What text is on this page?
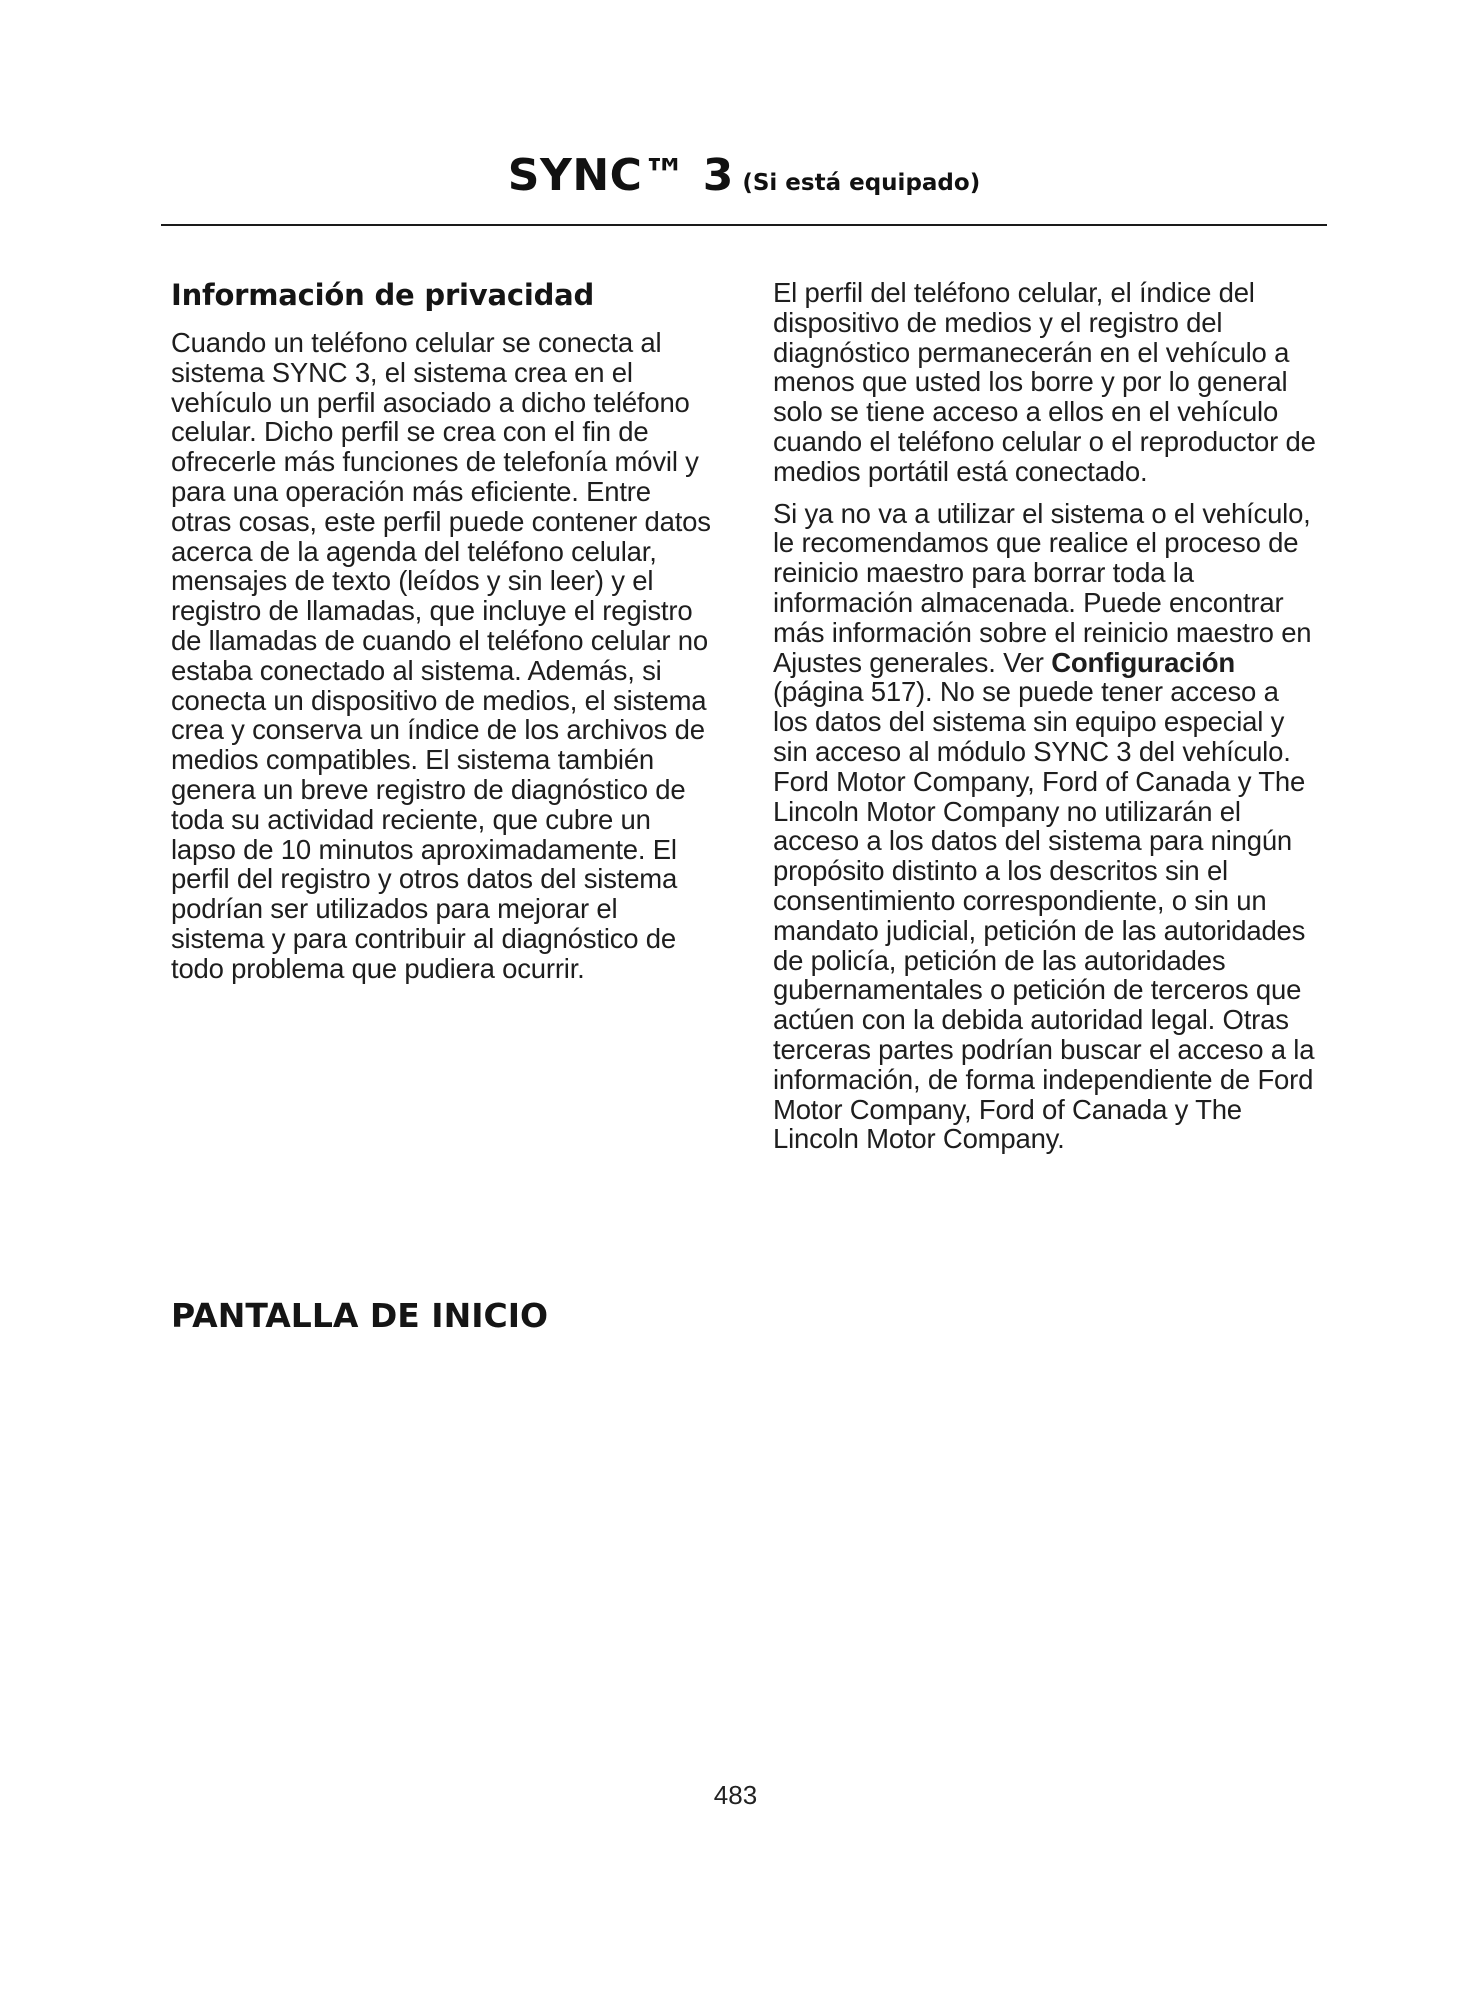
SYNC™ 3 (Si está equipado)
Información de privacidad

Cuando un teléfono celular se conecta al sistema SYNC 3, el sistema crea en el vehículo un perfil asociado a dicho teléfono celular. Dicho perfil se crea con el fin de ofrecerle más funciones de telefonía móvil y para una operación más eficiente. Entre otras cosas, este perfil puede contener datos acerca de la agenda del teléfono celular, mensajes de texto (leídos y sin leer) y el registro de llamadas, que incluye el registro de llamadas de cuando el teléfono celular no estaba conectado al sistema. Además, si conecta un dispositivo de medios, el sistema crea y conserva un índice de los archivos de medios compatibles. El sistema también genera un breve registro de diagnóstico de toda su actividad reciente, que cubre un lapso de 10 minutos aproximadamente. El perfil del registro y otros datos del sistema podrían ser utilizados para mejorar el sistema y para contribuir al diagnóstico de todo problema que pudiera ocurrir.

El perfil del teléfono celular, el índice del dispositivo de medios y el registro del diagnóstico permanecerán en el vehículo a menos que usted los borre y por lo general solo se tiene acceso a ellos en el vehículo cuando el teléfono celular o el reproductor de medios portátil está conectado.

Si ya no va a utilizar el sistema o el vehículo, le recomendamos que realice el proceso de reinicio maestro para borrar toda la información almacenada. Puede encontrar más información sobre el reinicio maestro en Ajustes generales. Ver Configuración (página 517). No se puede tener acceso a los datos del sistema sin equipo especial y sin acceso al módulo SYNC 3 del vehículo. Ford Motor Company, Ford of Canada y The Lincoln Motor Company no utilizarán el acceso a los datos del sistema para ningún propósito distinto a los descritos sin el consentimiento correspondiente, o sin un mandato judicial, petición de las autoridades de policía, petición de las autoridades gubernamentales o petición de terceros que actúen con la debida autoridad legal. Otras terceras partes podrían buscar el acceso a la información, de forma independiente de Ford Motor Company, Ford of Canada y The Lincoln Motor Company.

PANTALLA DE INICIO
483
